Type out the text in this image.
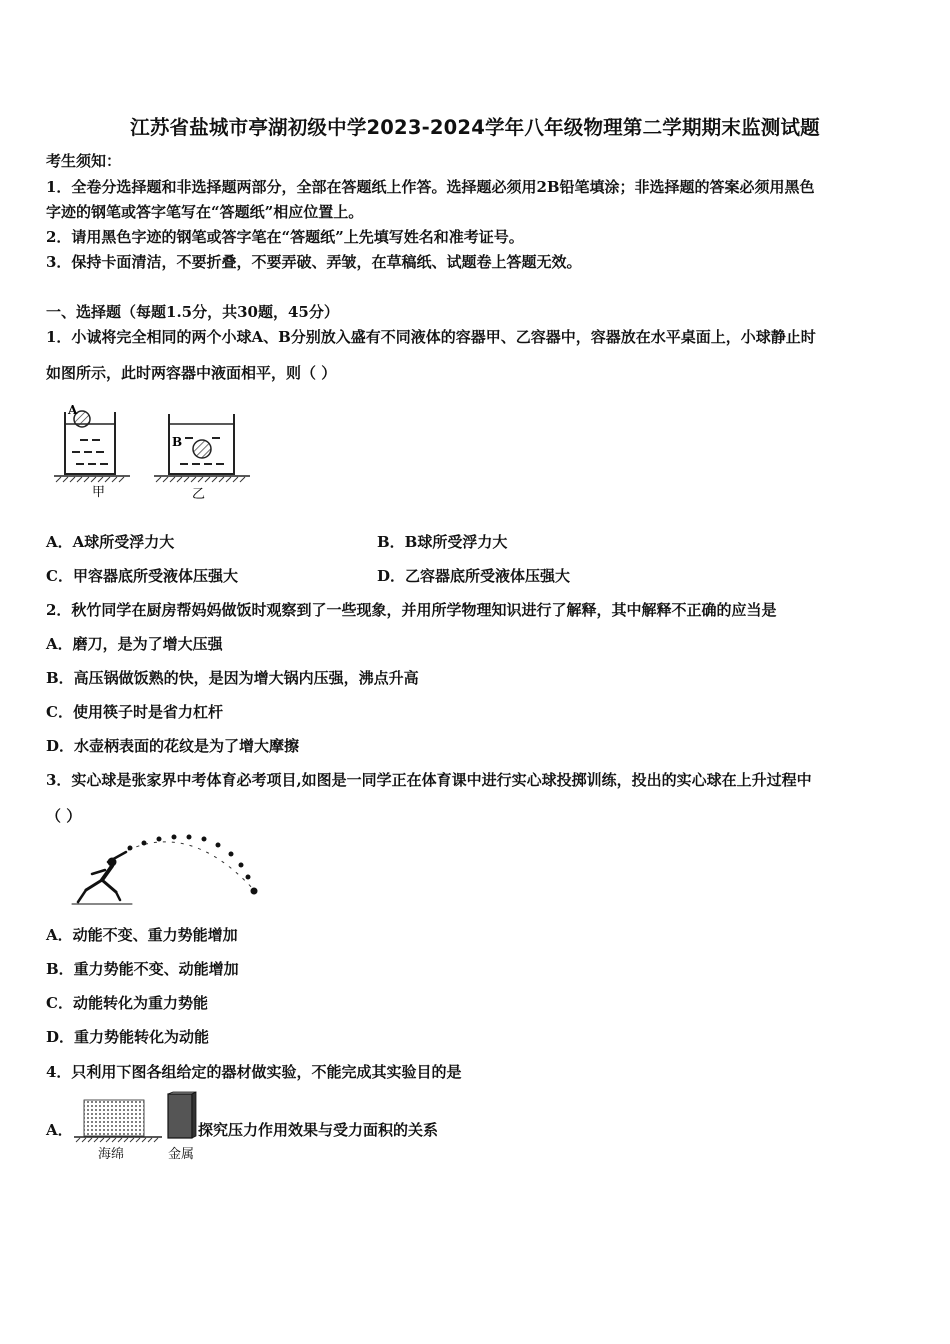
江苏省盐城市亭湖初级中学2023-2024学年八年级物理第二学期期末监测试题
考生须知：
1．全卷分选择题和非选择题两部分，全部在答题纸上作答。选择题必须用2B铅笔填涂；非选择题的答案必须用黑色
字迹的钢笔或答字笔写在“答题纸”相应位置上。
2．请用黑色字迹的钢笔或答字笔在“答题纸”上先填写姓名和准考证号。
3．保持卡面清洁，不要折叠，不要弄破、弄皱，在草稿纸、试题卷上答题无效。
一、选择题（每题1.5分，共30题，45分）
1．小诚将完全相同的两个小球A、B分别放入盛有不同液体的容器甲、乙容器中，容器放在水平桌面上，小球静止时
如图所示，此时两容器中液面相平，则（ ）
A
甲
B
乙
A．A球所受浮力大	B．B球所受浮力大
C．甲容器底所受液体压强大	D．乙容器底所受液体压强大
2．秋竹同学在厨房帮妈妈做饭时观察到了一些现象，并用所学物理知识进行了解释，其中解释不正确的应当是
A．磨刀，是为了增大压强
B．高压锅做饭熟的快，是因为增大锅内压强，沸点升高
C．使用筷子时是省力杠杆
D．水壶柄表面的花纹是为了增大摩擦
3．实心球是张家界中考体育必考项目,如图是一同学正在体育课中进行实心球投掷训练，投出的实心球在上升过程中
（ ）
A．动能不变、重力势能增加
B．重力势能不变、动能增加
C．动能转化为重力势能
D．重力势能转化为动能
4．只利用下图各组给定的器材做实验，不能完成其实验目的是
A．	探究压力作用效果与受力面积的关系
海绵	金属
